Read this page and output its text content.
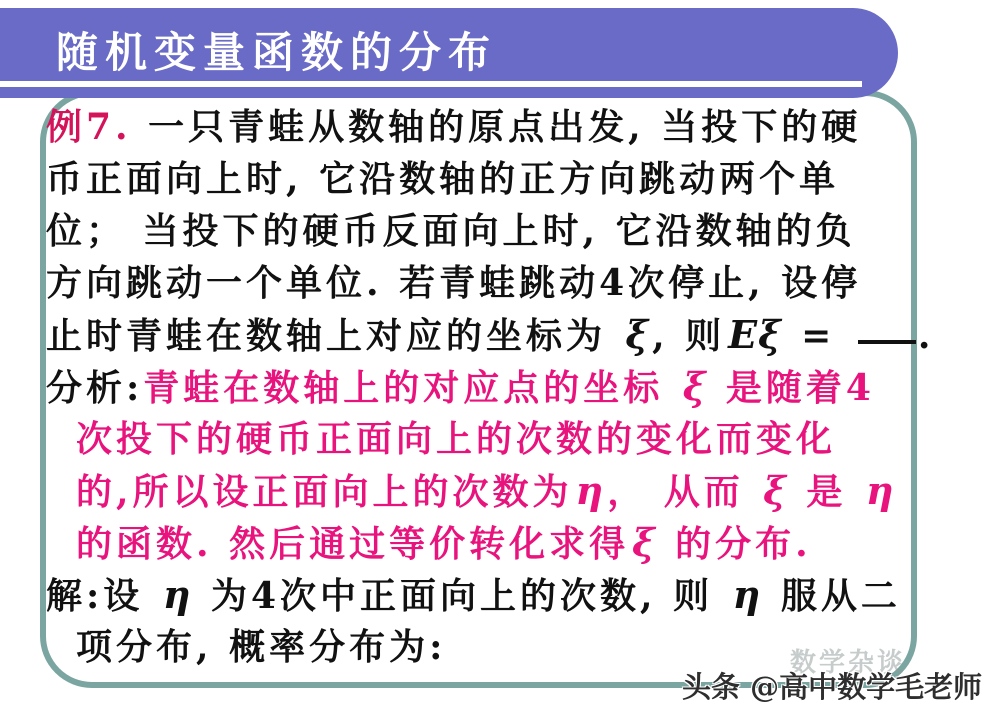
随机变量函数的分布
例7. 一只青蛙从数轴的原点出发, 当投下的硬
币正面向上时, 它沿数轴的正方向跳动两个单
位； 当投下的硬币反面向上时, 它沿数轴的负
方向跳动一个单位. 若青蛙跳动4次停止, 设停
止时青蛙在数轴上对应的坐标为 ξ, 则Eξ = .
分析:青蛙在数轴上的对应点的坐标 ξ 是随着4
次投下的硬币正面向上的次数的变化而变化
的,所以设正面向上的次数为η， 从而 ξ 是 η
的函数. 然后通过等价转化求得ξ 的分布.
解:设 η 为4次中正面向上的次数, 则 η 服从二
项分布, 概率分布为:	数学杂谈
头条 @高中数学毛老师
